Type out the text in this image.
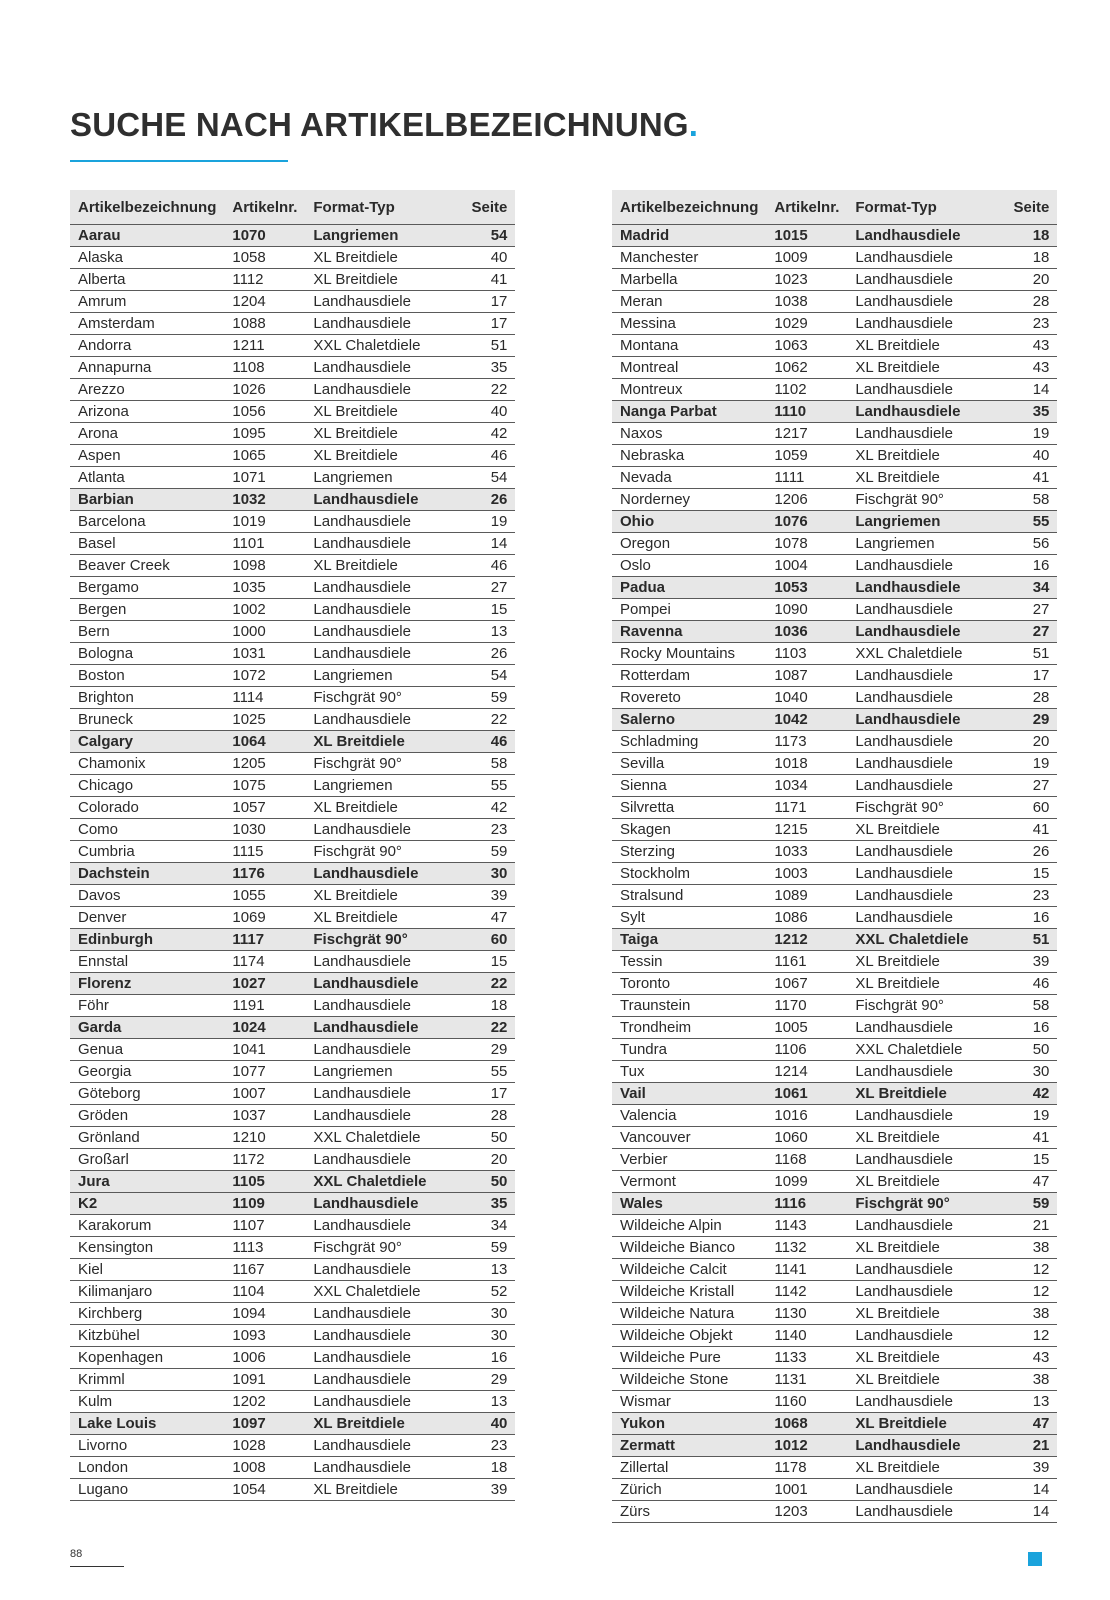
SUCHE NACH ARTIKELBEZEICHNUNG.
Artikelbezeichnung	Artikelnr.	Format-Typ	Seite
Aarau	1070	Langriemen	54
Alaska	1058	XL Breitdiele	40
Alberta	1112	XL Breitdiele	41
Amrum	1204	Landhausdiele	17
Amsterdam	1088	Landhausdiele	17
Andorra	1211	XXL Chaletdiele	51
Annapurna	1108	Landhausdiele	35
Arezzo	1026	Landhausdiele	22
Arizona	1056	XL Breitdiele	40
Arona	1095	XL Breitdiele	42
Aspen	1065	XL Breitdiele	46
Atlanta	1071	Langriemen	54
Barbian	1032	Landhausdiele	26
Barcelona	1019	Landhausdiele	19
Basel	1101	Landhausdiele	14
Beaver Creek	1098	XL Breitdiele	46
Bergamo	1035	Landhausdiele	27
Bergen	1002	Landhausdiele	15
Bern	1000	Landhausdiele	13
Bologna	1031	Landhausdiele	26
Boston	1072	Langriemen	54
Brighton	1114	Fischgrät 90°	59
Bruneck	1025	Landhausdiele	22
Calgary	1064	XL Breitdiele	46
Chamonix	1205	Fischgrät 90°	58
Chicago	1075	Langriemen	55
Colorado	1057	XL Breitdiele	42
Como	1030	Landhausdiele	23
Cumbria	1115	Fischgrät 90°	59
Dachstein	1176	Landhausdiele	30
Davos	1055	XL Breitdiele	39
Denver	1069	XL Breitdiele	47
Edinburgh	1117	Fischgrät 90°	60
Ennstal	1174	Landhausdiele	15
Florenz	1027	Landhausdiele	22
Föhr	1191	Landhausdiele	18
Garda	1024	Landhausdiele	22
Genua	1041	Landhausdiele	29
Georgia	1077	Langriemen	55
Göteborg	1007	Landhausdiele	17
Gröden	1037	Landhausdiele	28
Grönland	1210	XXL Chaletdiele	50
Großarl	1172	Landhausdiele	20
Jura	1105	XXL Chaletdiele	50
K2	1109	Landhausdiele	35
Karakorum	1107	Landhausdiele	34
Kensington	1113	Fischgrät 90°	59
Kiel	1167	Landhausdiele	13
Kilimanjaro	1104	XXL Chaletdiele	52
Kirchberg	1094	Landhausdiele	30
Kitzbühel	1093	Landhausdiele	30
Kopenhagen	1006	Landhausdiele	16
Krimml	1091	Landhausdiele	29
Kulm	1202	Landhausdiele	13
Lake Louis	1097	XL Breitdiele	40
Livorno	1028	Landhausdiele	23
London	1008	Landhausdiele	18
Lugano	1054	XL Breitdiele	39
Artikelbezeichnung	Artikelnr.	Format-Typ	Seite
Madrid	1015	Landhausdiele	18
Manchester	1009	Landhausdiele	18
Marbella	1023	Landhausdiele	20
Meran	1038	Landhausdiele	28
Messina	1029	Landhausdiele	23
Montana	1063	XL Breitdiele	43
Montreal	1062	XL Breitdiele	43
Montreux	1102	Landhausdiele	14
Nanga Parbat	1110	Landhausdiele	35
Naxos	1217	Landhausdiele	19
Nebraska	1059	XL Breitdiele	40
Nevada	1111	XL Breitdiele	41
Norderney	1206	Fischgrät 90°	58
Ohio	1076	Langriemen	55
Oregon	1078	Langriemen	56
Oslo	1004	Landhausdiele	16
Padua	1053	Landhausdiele	34
Pompei	1090	Landhausdiele	27
Ravenna	1036	Landhausdiele	27
Rocky Mountains	1103	XXL Chaletdiele	51
Rotterdam	1087	Landhausdiele	17
Rovereto	1040	Landhausdiele	28
Salerno	1042	Landhausdiele	29
Schladming	1173	Landhausdiele	20
Sevilla	1018	Landhausdiele	19
Sienna	1034	Landhausdiele	27
Silvretta	1171	Fischgrät 90°	60
Skagen	1215	XL Breitdiele	41
Sterzing	1033	Landhausdiele	26
Stockholm	1003	Landhausdiele	15
Stralsund	1089	Landhausdiele	23
Sylt	1086	Landhausdiele	16
Taiga	1212	XXL Chaletdiele	51
Tessin	1161	XL Breitdiele	39
Toronto	1067	XL Breitdiele	46
Traunstein	1170	Fischgrät 90°	58
Trondheim	1005	Landhausdiele	16
Tundra	1106	XXL Chaletdiele	50
Tux	1214	Landhausdiele	30
Vail	1061	XL Breitdiele	42
Valencia	1016	Landhausdiele	19
Vancouver	1060	XL Breitdiele	41
Verbier	1168	Landhausdiele	15
Vermont	1099	XL Breitdiele	47
Wales	1116	Fischgrät 90°	59
Wildeiche Alpin	1143	Landhausdiele	21
Wildeiche Bianco	1132	XL Breitdiele	38
Wildeiche Calcit	1141	Landhausdiele	12
Wildeiche Kristall	1142	Landhausdiele	12
Wildeiche Natura	1130	XL Breitdiele	38
Wildeiche Objekt	1140	Landhausdiele	12
Wildeiche Pure	1133	XL Breitdiele	43
Wildeiche Stone	1131	XL Breitdiele	38
Wismar	1160	Landhausdiele	13
Yukon	1068	XL Breitdiele	47
Zermatt	1012	Landhausdiele	21
Zillertal	1178	XL Breitdiele	39
Zürich	1001	Landhausdiele	14
Zürs	1203	Landhausdiele	14
88
